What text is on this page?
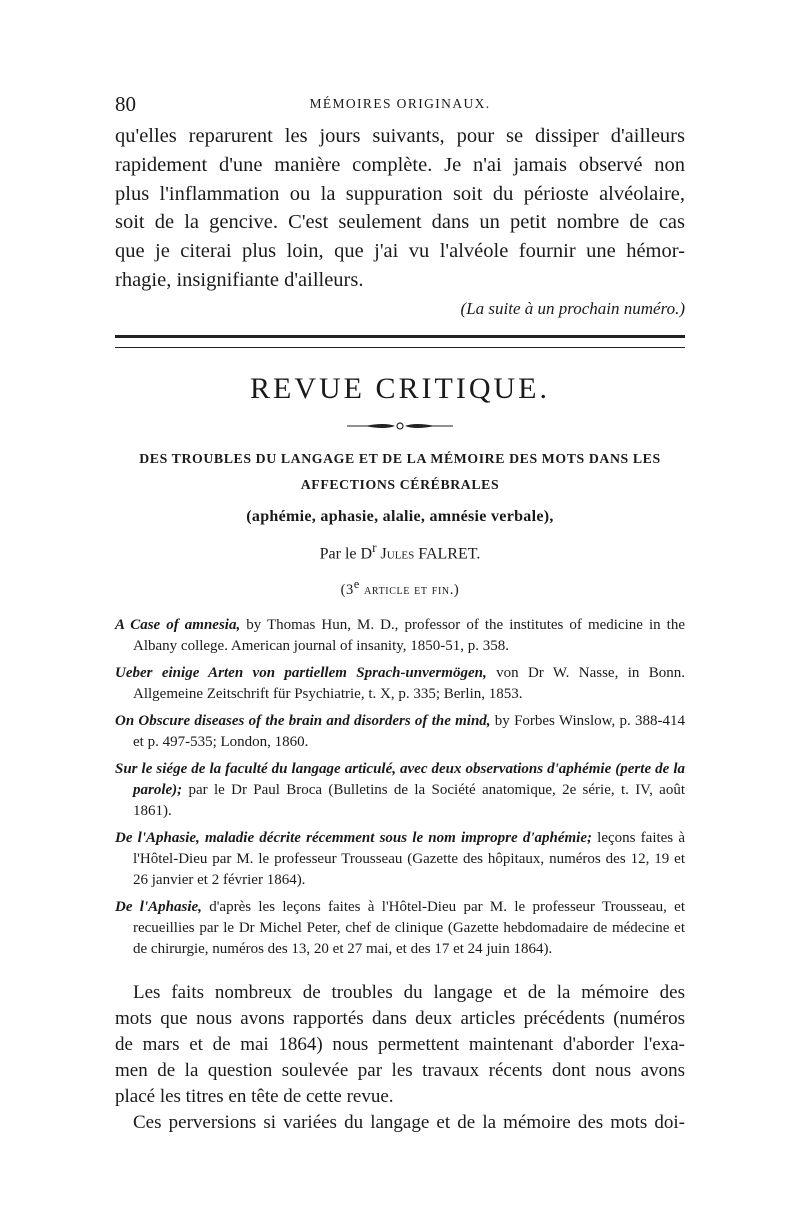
80	MÉMOIRES ORIGINAUX.
qu'elles reparurent les jours suivants, pour se dissiper d'ailleurs
rapidement d'une manière complète. Je n'ai jamais observé non
plus l'inflammation ou la suppuration soit du périoste alvéolaire,
soit de la gencive. C'est seulement dans un petit nombre de cas
que je citerai plus loin, que j'ai vu l'alvéole fournir une hémor-
rhagie, insignifiante d'ailleurs.
(La suite à un prochain numéro.)
REVUE CRITIQUE.
DES TROUBLES DU LANGAGE ET DE LA MÉMOIRE DES MOTS DANS LES
AFFECTIONS CÉRÉBRALES
(aphémie, aphasie, alalie, amnésie verbale),
Par le $D^r$ Jules FALRET.
(3e article et fin.)

A Case of amnesia, by Thomas Hun, M. D., professor of the institutes of medicine in the Albany college. American journal of insanity, 1850-51, p. 358.

Ueber einige Arten von partiellem Sprach-unvermögen, von Dr W. Nasse, in Bonn. Allgemeine Zeitschrift für Psychiatrie, t. X, p. 335; Berlin, 1853.

On Obscure diseases of the brain and disorders of the mind, by Forbes Winslow, p. 388-414 et p. 497-535; London, 1860.

Sur le siége de la faculté du langage articulé, avec deux observations d'aphémie (perte de la parole); par le Dr Paul Broca (Bulletins de la Société anatomique, 2e série, t. IV, août 1861).

De l'Aphasie, maladie décrite récemment sous le nom impropre d'aphémie; leçons faites à l'Hôtel-Dieu par M. le professeur Trousseau (Gazette des hôpitaux, numéros des 12, 19 et 26 janvier et 2 février 1864).

De l'Aphasie, d'après les leçons faites à l'Hôtel-Dieu par M. le professeur Trousseau, et recueillies par le Dr Michel Peter, chef de clinique (Gazette hebdomadaire de médecine et de chirurgie, numéros des 13, 20 et 27 mai, et des 17 et 24 juin 1864).

Les faits nombreux de troubles du langage et de la mémoire des
mots que nous avons rapportés dans deux articles précédents (numéros
de mars et de mai 1864) nous permettent maintenant d'aborder l'exa-
men de la question soulevée par les travaux récents dont nous avons
placé les titres en tête de cette revue.
Ces perversions si variées du langage et de la mémoire des mots doi-
